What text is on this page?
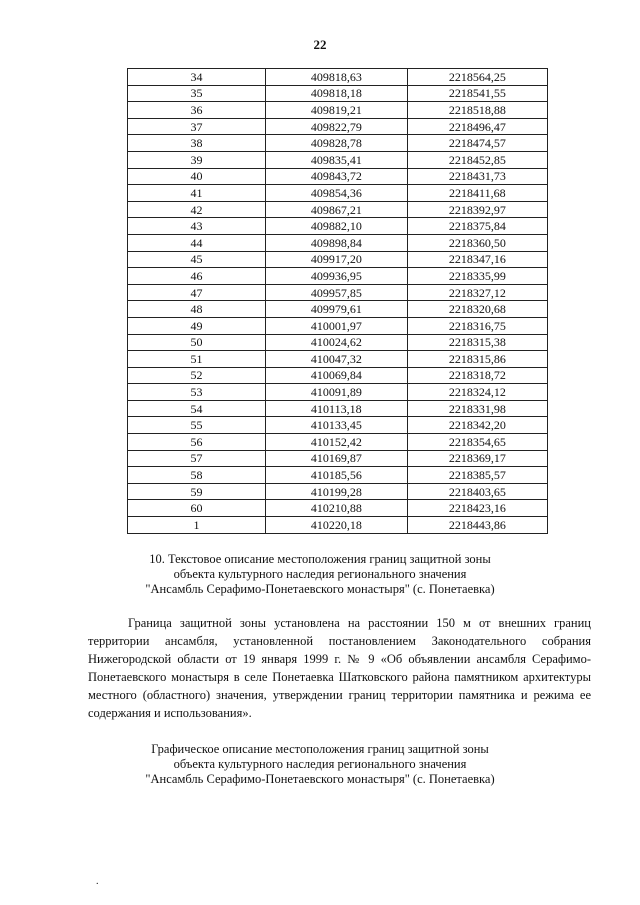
22
34	409818,63	2218564,25
35	409818,18	2218541,55
36	409819,21	2218518,88
37	409822,79	2218496,47
38	409828,78	2218474,57
39	409835,41	2218452,85
40	409843,72	2218431,73
41	409854,36	2218411,68
42	409867,21	2218392,97
43	409882,10	2218375,84
44	409898,84	2218360,50
45	409917,20	2218347,16
46	409936,95	2218335,99
47	409957,85	2218327,12
48	409979,61	2218320,68
49	410001,97	2218316,75
50	410024,62	2218315,38
51	410047,32	2218315,86
52	410069,84	2218318,72
53	410091,89	2218324,12
54	410113,18	2218331,98
55	410133,45	2218342,20
56	410152,42	2218354,65
57	410169,87	2218369,17
58	410185,56	2218385,57
59	410199,28	2218403,65
60	410210,88	2218423,16
1	410220,18	2218443,86
10. Текстовое описание местоположения границ защитной зоны
объекта культурного наследия регионального значения
"Ансамбль Серафимо-Понетаевского монастыря" (с. Понетаевка)
Граница защитной зоны установлена на расстоянии 150 м от внешних границ территории ансамбля, установленной постановлением Законодательного собрания Нижегородской области от 19 января 1999 г. № 9 «Об объявлении ансамбля Серафимо-Понетаевского монастыря в селе Понетаевка Шатковского района памятником архитектуры местного (областного) значения, утверждении границ территории памятника и режима ее содержания и использования».
Графическое описание местоположения границ защитной зоны
объекта культурного наследия регионального значения
"Ансамбль Серафимо-Понетаевского монастыря" (с. Понетаевка)
.
